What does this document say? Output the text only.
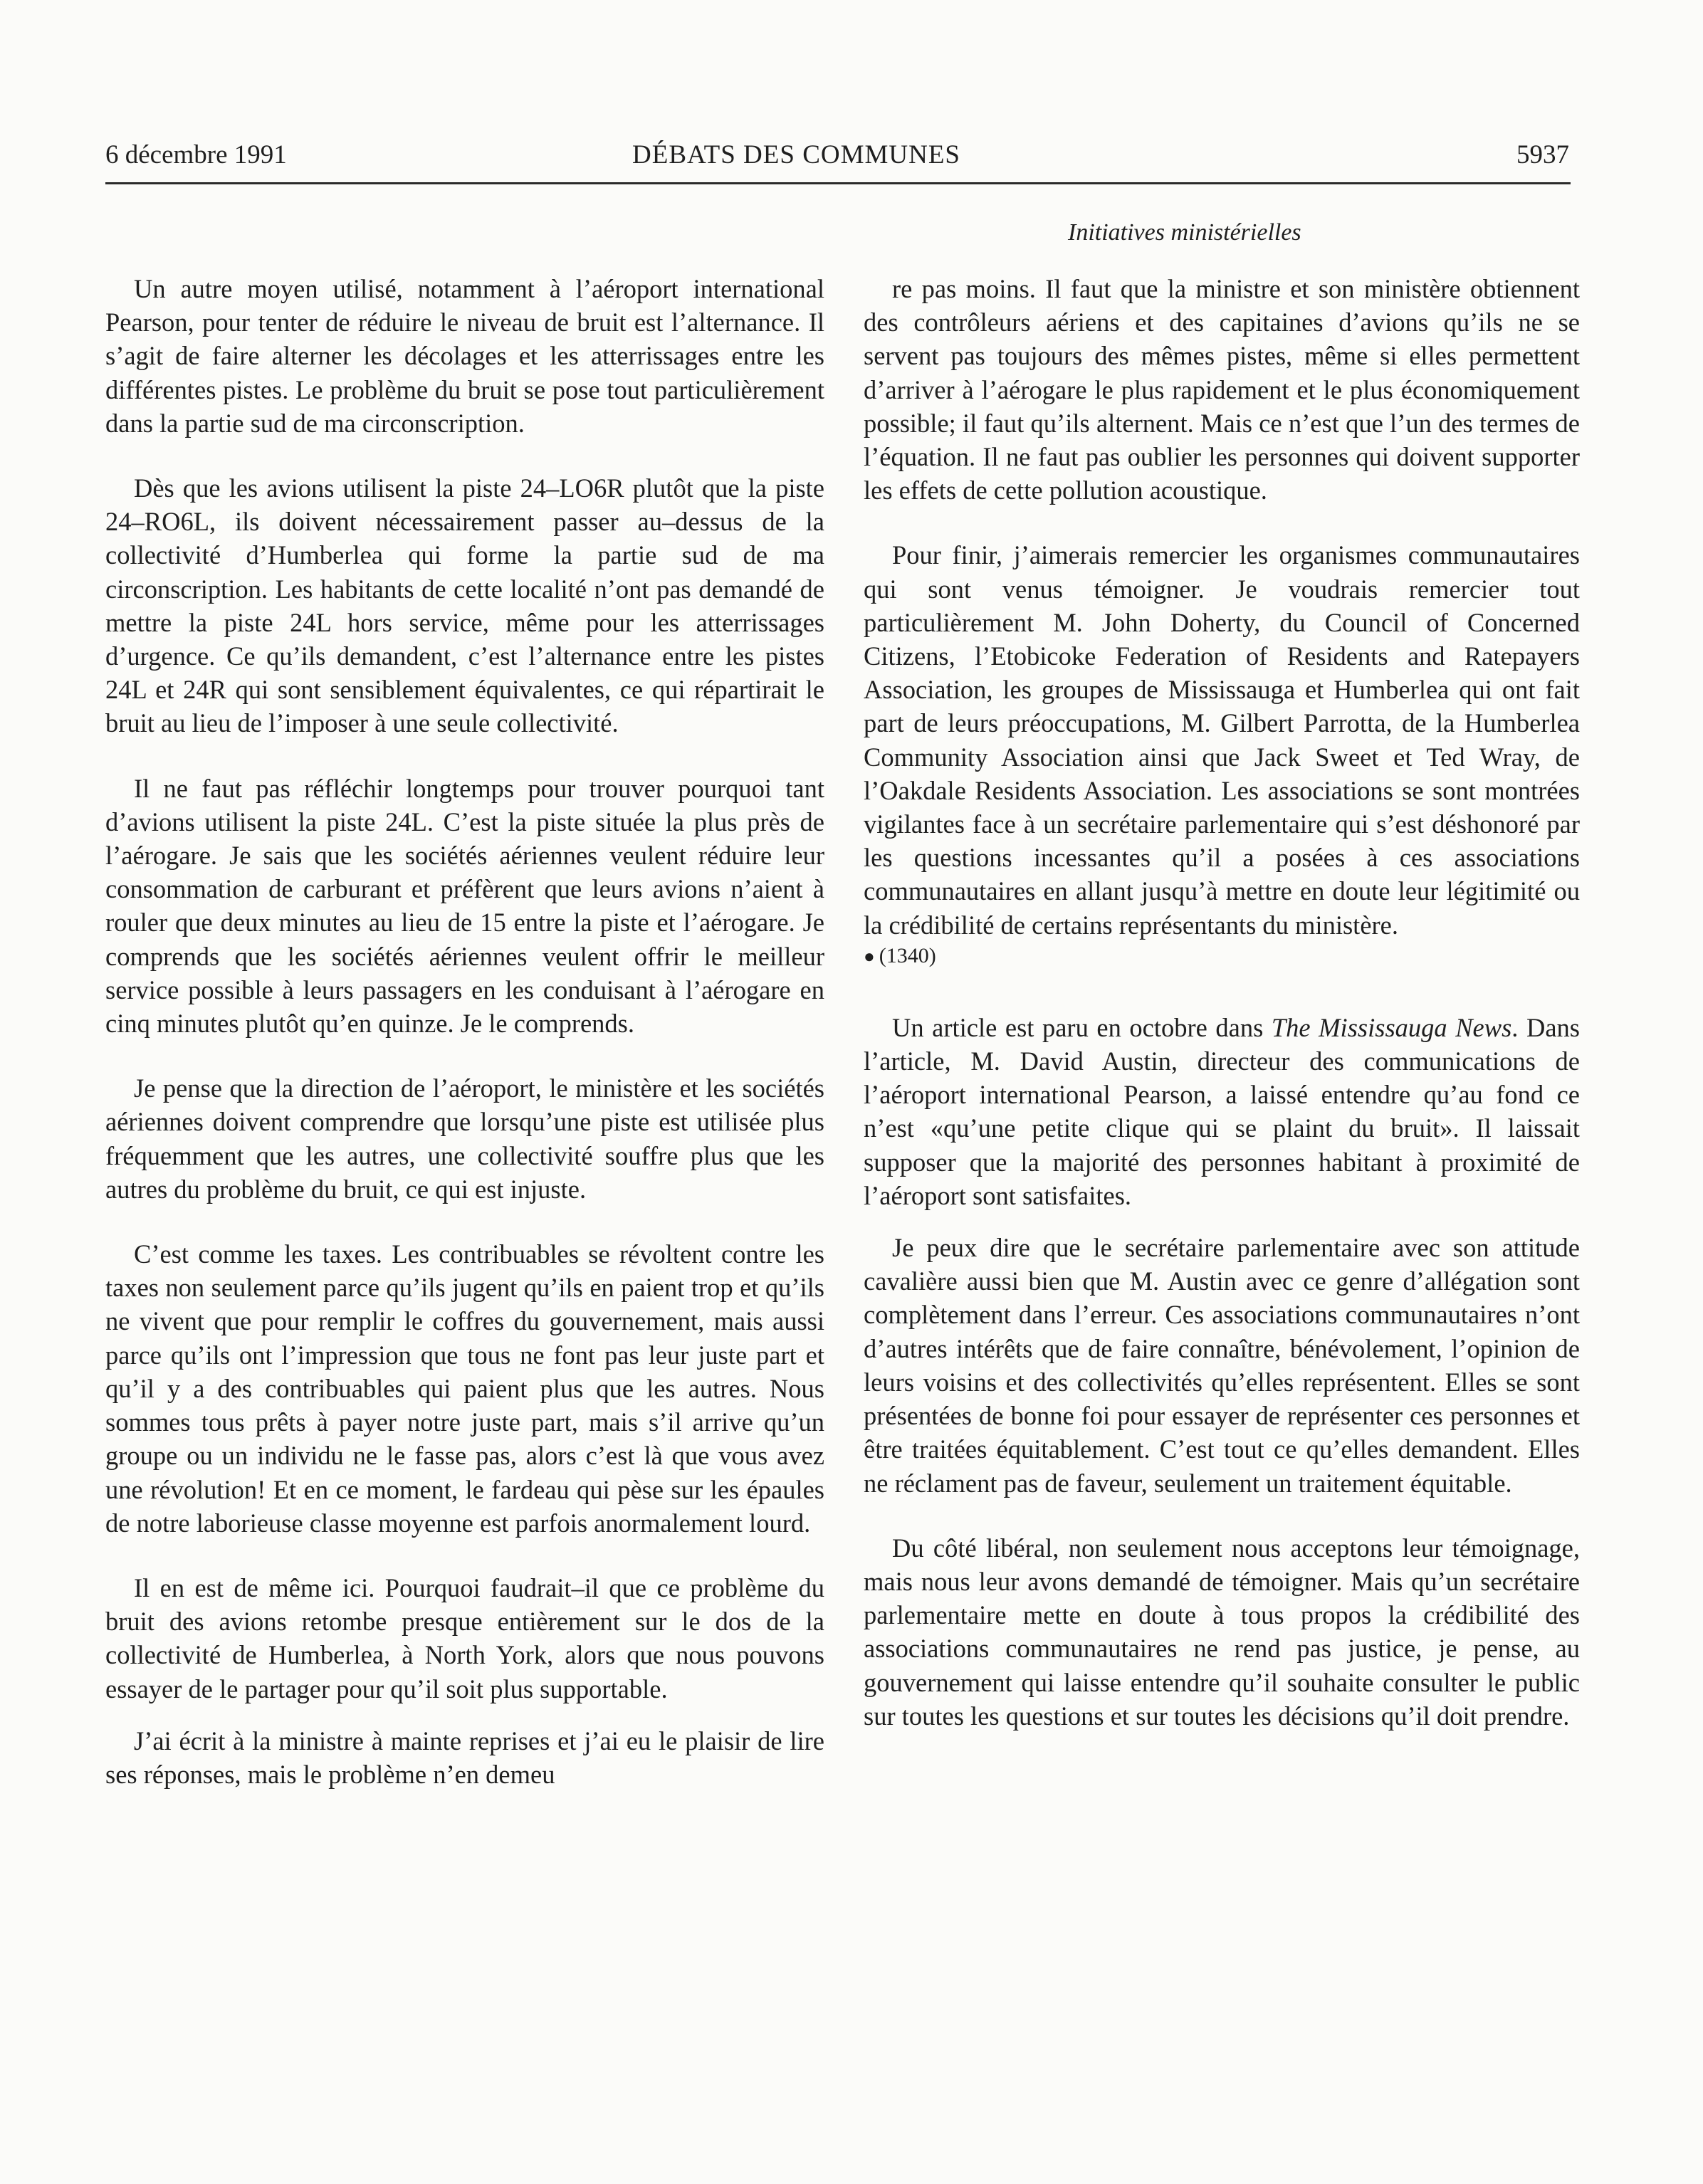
6 décembre 1991	DÉBATS DES COMMUNES	5937
Initiatives ministérielles

Un autre moyen utilisé, notamment à l’aéroport international Pearson, pour tenter de réduire le niveau de bruit est l’alternance. Il s’agit de faire alterner les décolages et les atterrissages entre les différentes pistes. Le problème du bruit se pose tout particulièrement dans la partie sud de ma circonscription.

Dès que les avions utilisent la piste 24–LO6R plutôt que la piste 24–RO6L, ils doivent nécessairement passer au–dessus de la collectivité d’Humberlea qui forme la partie sud de ma circonscription. Les habitants de cette localité n’ont pas demandé de mettre la piste 24L hors service, même pour les atterrissages d’urgence. Ce qu’ils demandent, c’est l’alternance entre les pistes 24L et 24R qui sont sensiblement équivalentes, ce qui répartirait le bruit au lieu de l’imposer à une seule collectivité.

Il ne faut pas réfléchir longtemps pour trouver pourquoi tant d’avions utilisent la piste 24L. C’est la piste située la plus près de l’aérogare. Je sais que les sociétés aériennes veulent réduire leur consommation de carburant et préfèrent que leurs avions n’aient à rouler que deux minutes au lieu de 15 entre la piste et l’aérogare. Je comprends que les sociétés aériennes veulent offrir le meilleur service possible à leurs passagers en les conduisant à l’aérogare en cinq minutes plutôt qu’en quinze. Je le comprends.

Je pense que la direction de l’aéroport, le ministère et les sociétés aériennes doivent comprendre que lorsqu’une piste est utilisée plus fréquemment que les autres, une collectivité souffre plus que les autres du problème du bruit, ce qui est injuste.

C’est comme les taxes. Les contribuables se révoltent contre les taxes non seulement parce qu’ils jugent qu’ils en paient trop et qu’ils ne vivent que pour remplir le coffres du gouvernement, mais aussi parce qu’ils ont l’impression que tous ne font pas leur juste part et qu’il y a des contribuables qui paient plus que les autres. Nous sommes tous prêts à payer notre juste part, mais s’il arrive qu’un groupe ou un individu ne le fasse pas, alors c’est là que vous avez une révolution! Et en ce moment, le fardeau qui pèse sur les épaules de notre laborieuse classe moyenne est parfois anormalement lourd.

Il en est de même ici. Pourquoi faudrait–il que ce problème du bruit des avions retombe presque entièrement sur le dos de la collectivité de Humberlea, à North York, alors que nous pouvons essayer de le partager pour qu’il soit plus supportable.

J’ai écrit à la ministre à mainte reprises et j’ai eu le plaisir de lire ses réponses, mais le problème n’en demeu

re pas moins. Il faut que la ministre et son ministère obtiennent des contrôleurs aériens et des capitaines d’avions qu’ils ne se servent pas toujours des mêmes pistes, même si elles permettent d’arriver à l’aérogare le plus rapidement et le plus économiquement possible; il faut qu’ils alternent. Mais ce n’est que l’un des termes de l’équation. Il ne faut pas oublier les personnes qui doivent supporter les effets de cette pollution acoustique.

Pour finir, j’aimerais remercier les organismes communautaires qui sont venus témoigner. Je voudrais remercier tout particulièrement M. John Doherty, du Council of Concerned Citizens, l’Etobicoke Federation of Residents and Ratepayers Association, les groupes de Mississauga et Humberlea qui ont fait part de leurs préoccupations, M. Gilbert Parrotta, de la Humberlea Community Association ainsi que Jack Sweet et Ted Wray, de l’Oakdale Residents Association. Les associations se sont montrées vigilantes face à un secrétaire parlementaire qui s’est déshonoré par les questions incessantes qu’il a posées à ces associations communautaires en allant jusqu’à mettre en doute leur légitimité ou la crédibilité de certains représentants du ministère.

● (1340)

Un article est paru en octobre dans The Mississauga News. Dans l’article, M. David Austin, directeur des communications de l’aéroport international Pearson, a laissé entendre qu’au fond ce n’est «qu’une petite clique qui se plaint du bruit». Il laissait supposer que la majorité des personnes habitant à proximité de l’aéroport sont satisfaites.

Je peux dire que le secrétaire parlementaire avec son attitude cavalière aussi bien que M. Austin avec ce genre d’allégation sont complètement dans l’erreur. Ces associations communautaires n’ont d’autres intérêts que de faire connaître, bénévolement, l’opinion de leurs voisins et des collectivités qu’elles représentent. Elles se sont présentées de bonne foi pour essayer de représenter ces personnes et être traitées équitablement. C’est tout ce qu’elles demandent. Elles ne réclament pas de faveur, seulement un traitement équitable.

Du côté libéral, non seulement nous acceptons leur témoignage, mais nous leur avons demandé de témoigner. Mais qu’un secrétaire parlementaire mette en doute à tous propos la crédibilité des associations communautaires ne rend pas justice, je pense, au gouvernement qui laisse entendre qu’il souhaite consulter le public sur toutes les questions et sur toutes les décisions qu’il doit prendre.
